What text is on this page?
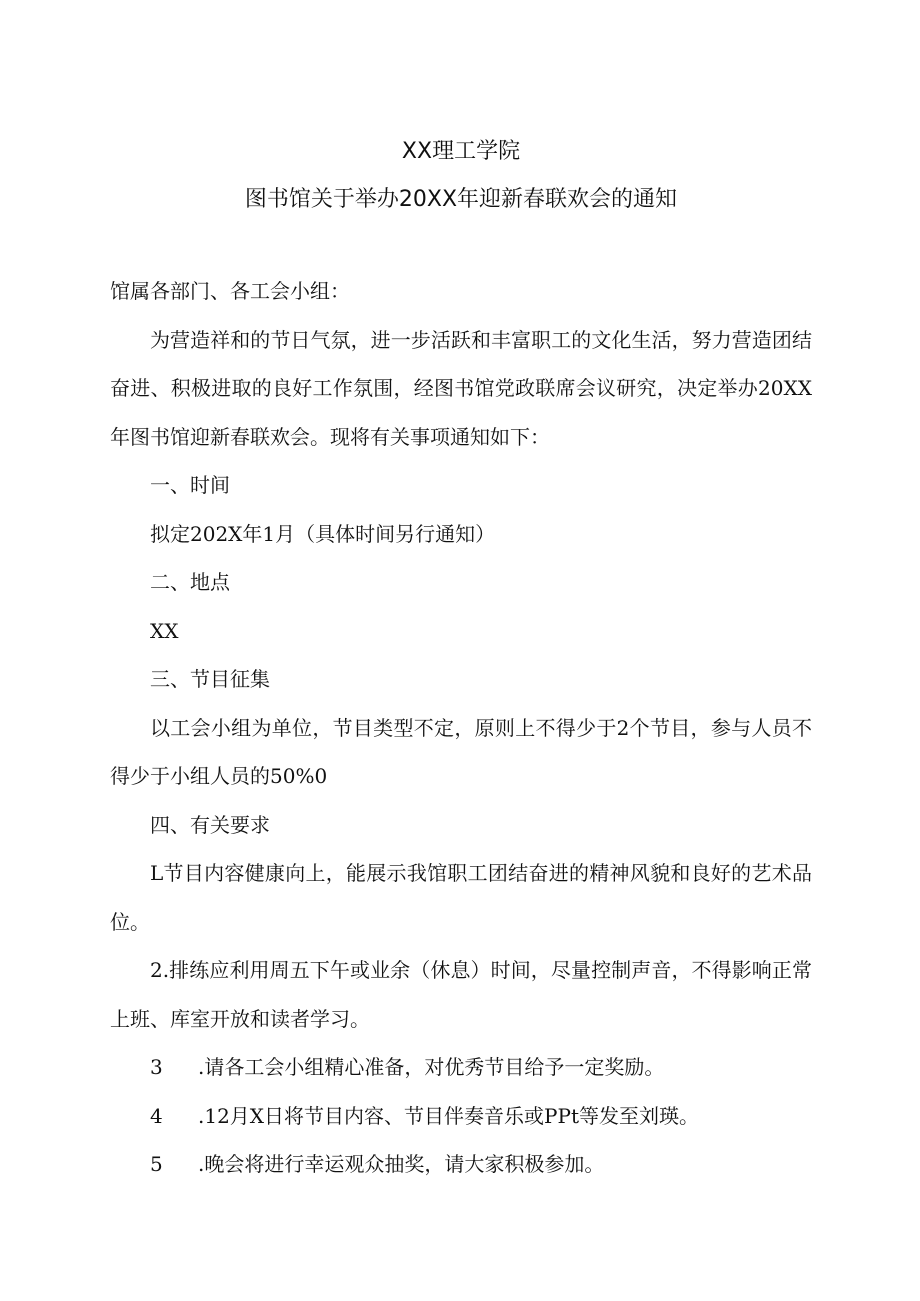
XX理工学院

图书馆关于举办20XX年迎新春联欢会的通知

馆属各部门、各工会小组：

为营造祥和的节日气氛，进一步活跃和丰富职工的文化生活，努力营造团结奋进、积极进取的良好工作氛围，经图书馆党政联席会议研究，决定举办20XX年图书馆迎新春联欢会。现将有关事项通知如下：

一、时间

拟定202X年1月（具体时间另行通知）

二、地点

XX

三、节目征集

以工会小组为单位，节目类型不定，原则上不得少于2个节目，参与人员不得少于小组人员的50%0

四、有关要求

L节目内容健康向上，能展示我馆职工团结奋进的精神风貌和良好的艺术品位。

2.排练应利用周五下午或业余（休息）时间，尽量控制声音，不得影响正常上班、库室开放和读者学习。

3 .请各工会小组精心准备，对优秀节目给予一定奖励。

4 .12月X日将节目内容、节目伴奏音乐或PPt等发至刘瑛。

5 .晚会将进行幸运观众抽奖，请大家积极参加。
